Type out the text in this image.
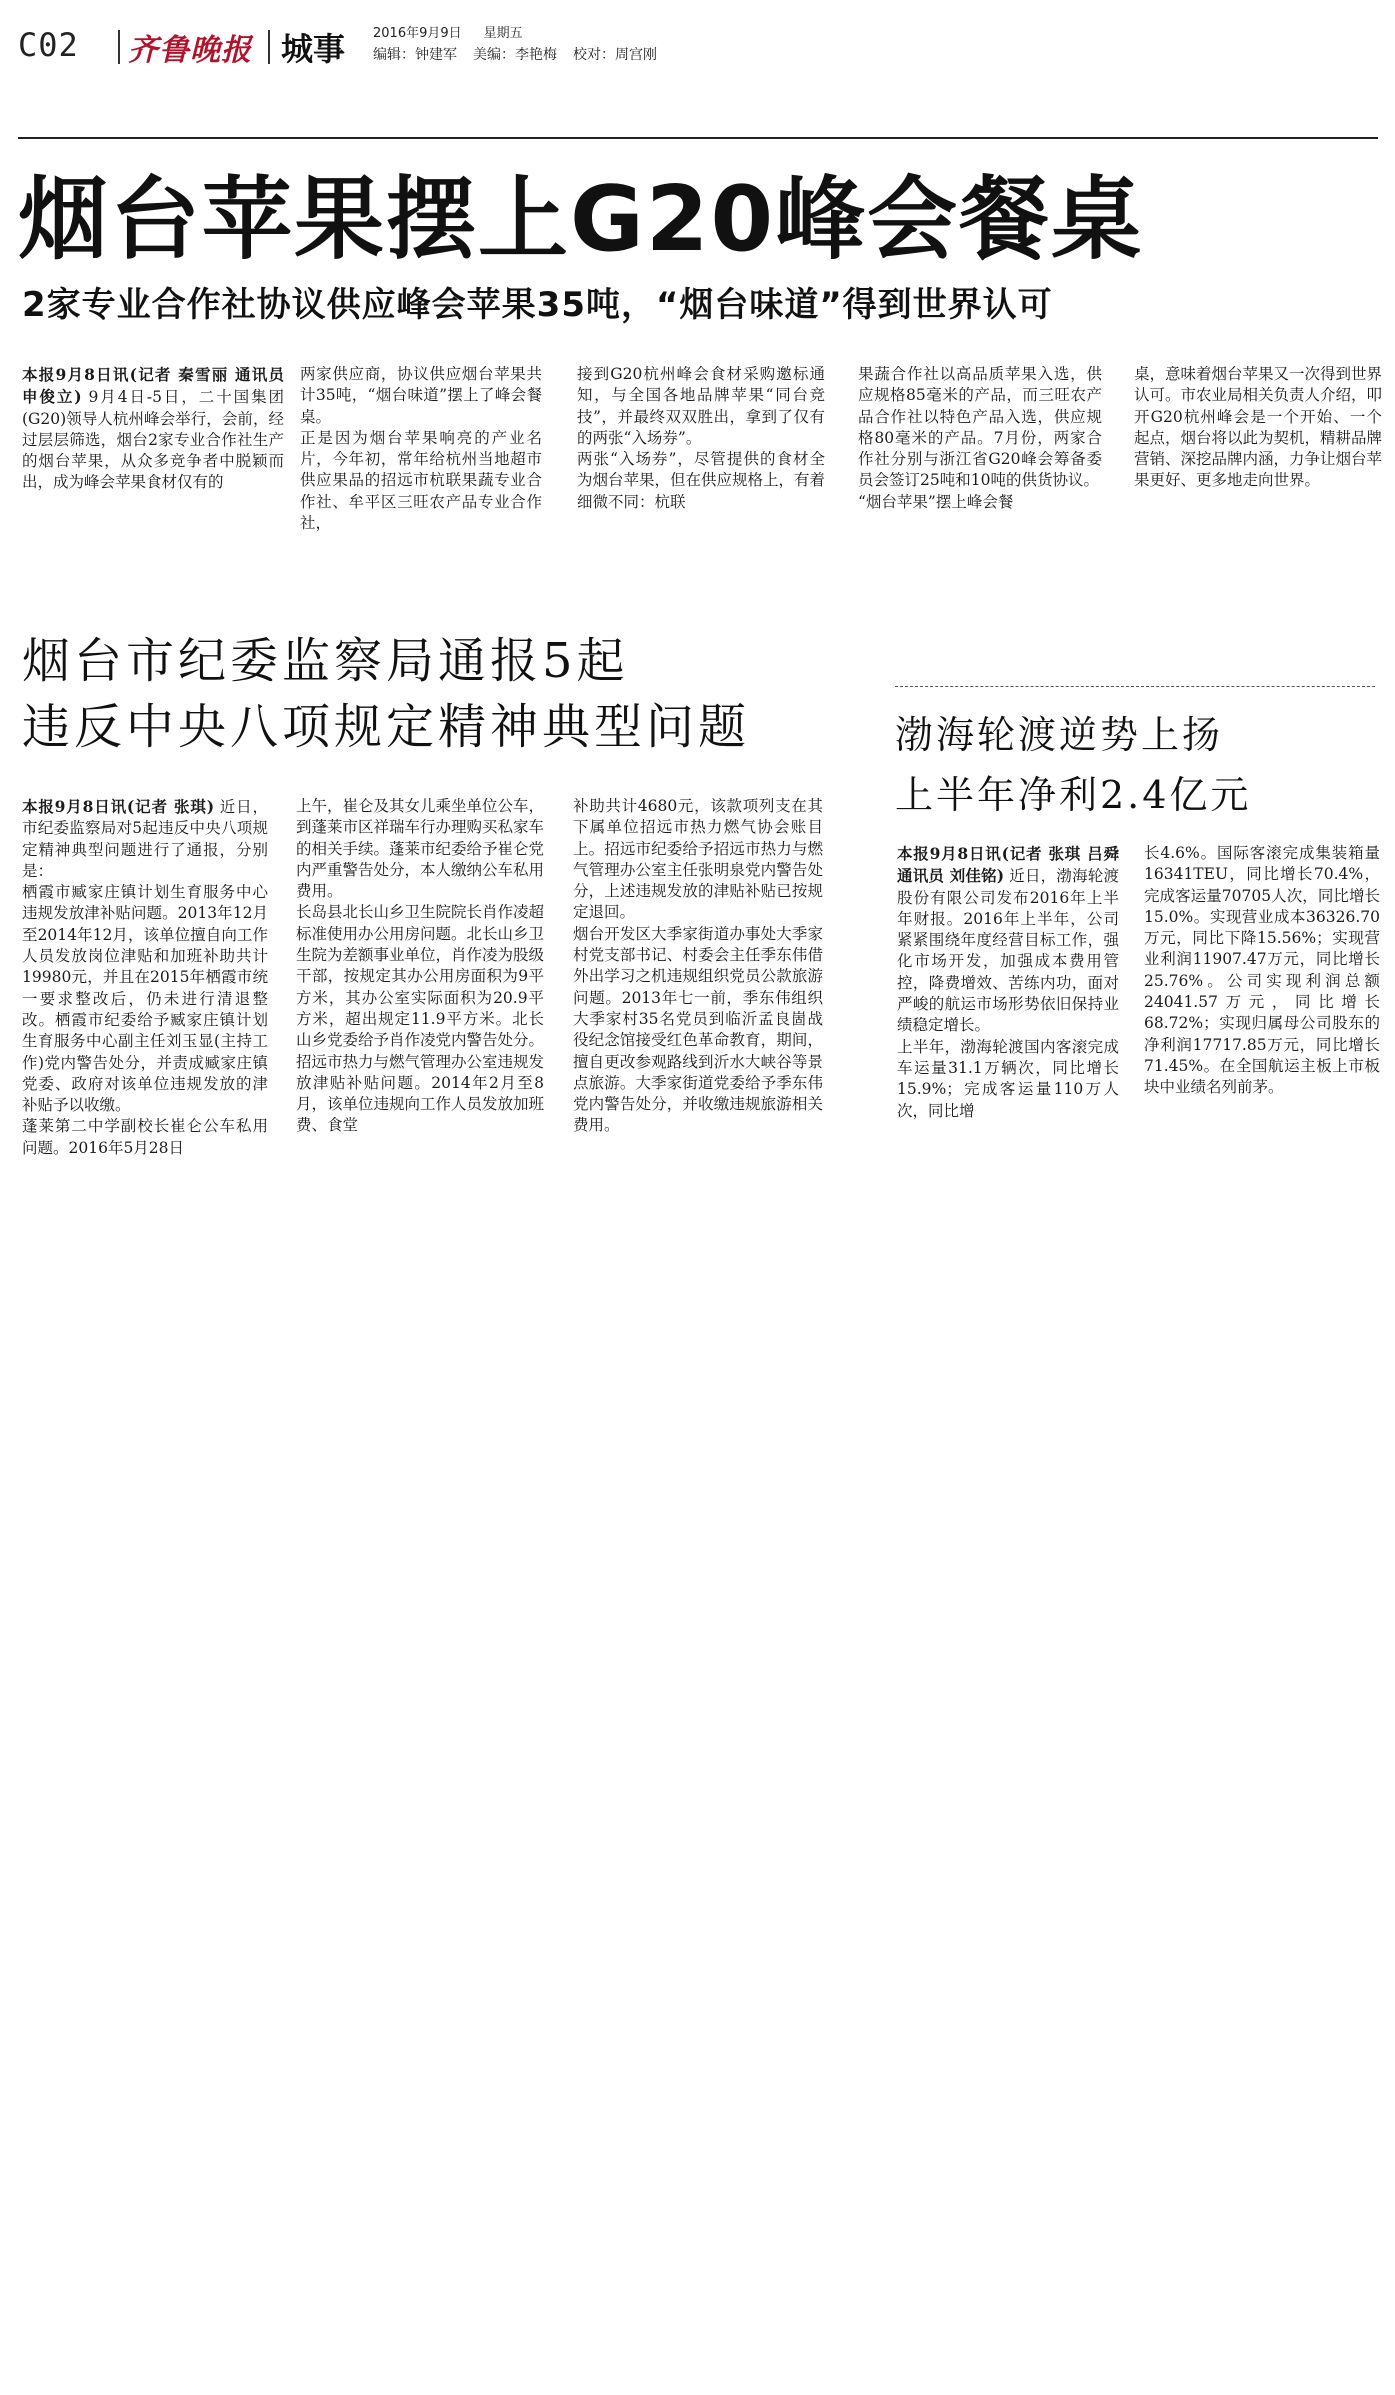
C02 齐鲁晚报 城事 2016年9月9日 星期五
编辑：钟建军 美编：李艳梅 校对：周宫刚
烟台苹果摆上G20峰会餐桌
2家专业合作社协议供应峰会苹果35吨，“烟台味道”得到世界认可

本报9月8日讯(记者 秦雪丽 通讯员 申俊立) 9月4日-5日，二十国集团(G20)领导人杭州峰会举行，会前，经过层层筛选，烟台2家专业合作社生产的烟台苹果，从众多竞争者中脱颖而出，成为峰会苹果食材仅有的

两家供应商，协议供应烟台苹果共计35吨，“烟台味道”摆上了峰会餐桌。
正是因为烟台苹果响亮的产业名片，今年初，常年给杭州当地超市供应果品的招远市杭联果蔬专业合作社、牟平区三旺农产品专业合作社，
接到G20杭州峰会食材采购邀标通知，与全国各地品牌苹果“同台竞技”，并最终双双胜出，拿到了仅有的两张“入场券”。
两张“入场券”，尽管提供的食材全为烟台苹果，但在供应规格上，有着细微不同：杭联
果蔬合作社以高品质苹果入选，供应规格85毫米的产品，而三旺农产品合作社以特色产品入选，供应规格80毫米的产品。7月份，两家合作社分别与浙江省G20峰会筹备委员会签订25吨和10吨的供货协议。
“烟台苹果”摆上峰会餐
桌，意味着烟台苹果又一次得到世界认可。市农业局相关负责人介绍，叩开G20杭州峰会是一个开始、一个起点，烟台将以此为契机，精耕品牌营销、深挖品牌内涵，力争让烟台苹果更好、更多地走向世界。
烟台市纪委监察局通报5起
违反中央八项规定精神典型问题

本报9月8日讯(记者 张琪) 近日，市纪委监察局对5起违反中央八项规定精神典型问题进行了通报，分别是：
栖霞市臧家庄镇计划生育服务中心违规发放津补贴问题。2013年12月至2014年12月，该单位擅自向工作人员发放岗位津贴和加班补助共计19980元，并且在2015年栖霞市统一要求整改后，仍未进行清退整改。栖霞市纪委给予臧家庄镇计划生育服务中心副主任刘玉显(主持工作)党内警告处分，并责成臧家庄镇党委、政府对该单位违规发放的津补贴予以收缴。
蓬莱第二中学副校长崔仑公车私用问题。2016年5月28日

上午，崔仑及其女儿乘坐单位公车，到蓬莱市区祥瑞车行办理购买私家车的相关手续。蓬莱市纪委给予崔仑党内严重警告处分，本人缴纳公车私用费用。
长岛县北长山乡卫生院院长肖作凌超标准使用办公用房问题。北长山乡卫生院为差额事业单位，肖作凌为股级干部，按规定其办公用房面积为9平方米，其办公室实际面积为20.9平方米，超出规定11.9平方米。北长山乡党委给予肖作凌党内警告处分。
招远市热力与燃气管理办公室违规发放津贴补贴问题。2014年2月至8月，该单位违规向工作人员发放加班费、食堂
补助共计4680元，该款项列支在其下属单位招远市热力燃气协会账目上。招远市纪委给予招远市热力与燃气管理办公室主任张明泉党内警告处分，上述违规发放的津贴补贴已按规定退回。
烟台开发区大季家街道办事处大季家村党支部书记、村委会主任季东伟借外出学习之机违规组织党员公款旅游问题。2013年七一前，季东伟组织大季家村35名党员到临沂孟良崮战役纪念馆接受红色革命教育，期间，擅自更改参观路线到沂水大峡谷等景点旅游。大季家街道党委给予季东伟党内警告处分，并收缴违规旅游相关费用。
渤海轮渡逆势上扬
上半年净利2.4亿元

本报9月8日讯(记者 张琪 吕舜 通讯员 刘佳铭) 近日，渤海轮渡股份有限公司发布2016年上半年财报。2016年上半年，公司紧紧围绕年度经营目标工作，强化市场开发，加强成本费用管控，降费增效、苦练内功，面对严峻的航运市场形势依旧保持业绩稳定增长。
上半年，渤海轮渡国内客滚完成车运量31.1万辆次，同比增长15.9%；完成客运量110万人次，同比增

长4.6%。国际客滚完成集装箱量16341TEU，同比增长70.4%，完成客运量70705人次，同比增长15.0%。实现营业成本36326.70万元，同比下降15.56%；实现营业利润11907.47万元，同比增长25.76%。公司实现利润总额24041.57万元，同比增长68.72%；实现归属母公司股东的净利润17717.85万元，同比增长71.45%。在全国航运主板上市板块中业绩名列前茅。
